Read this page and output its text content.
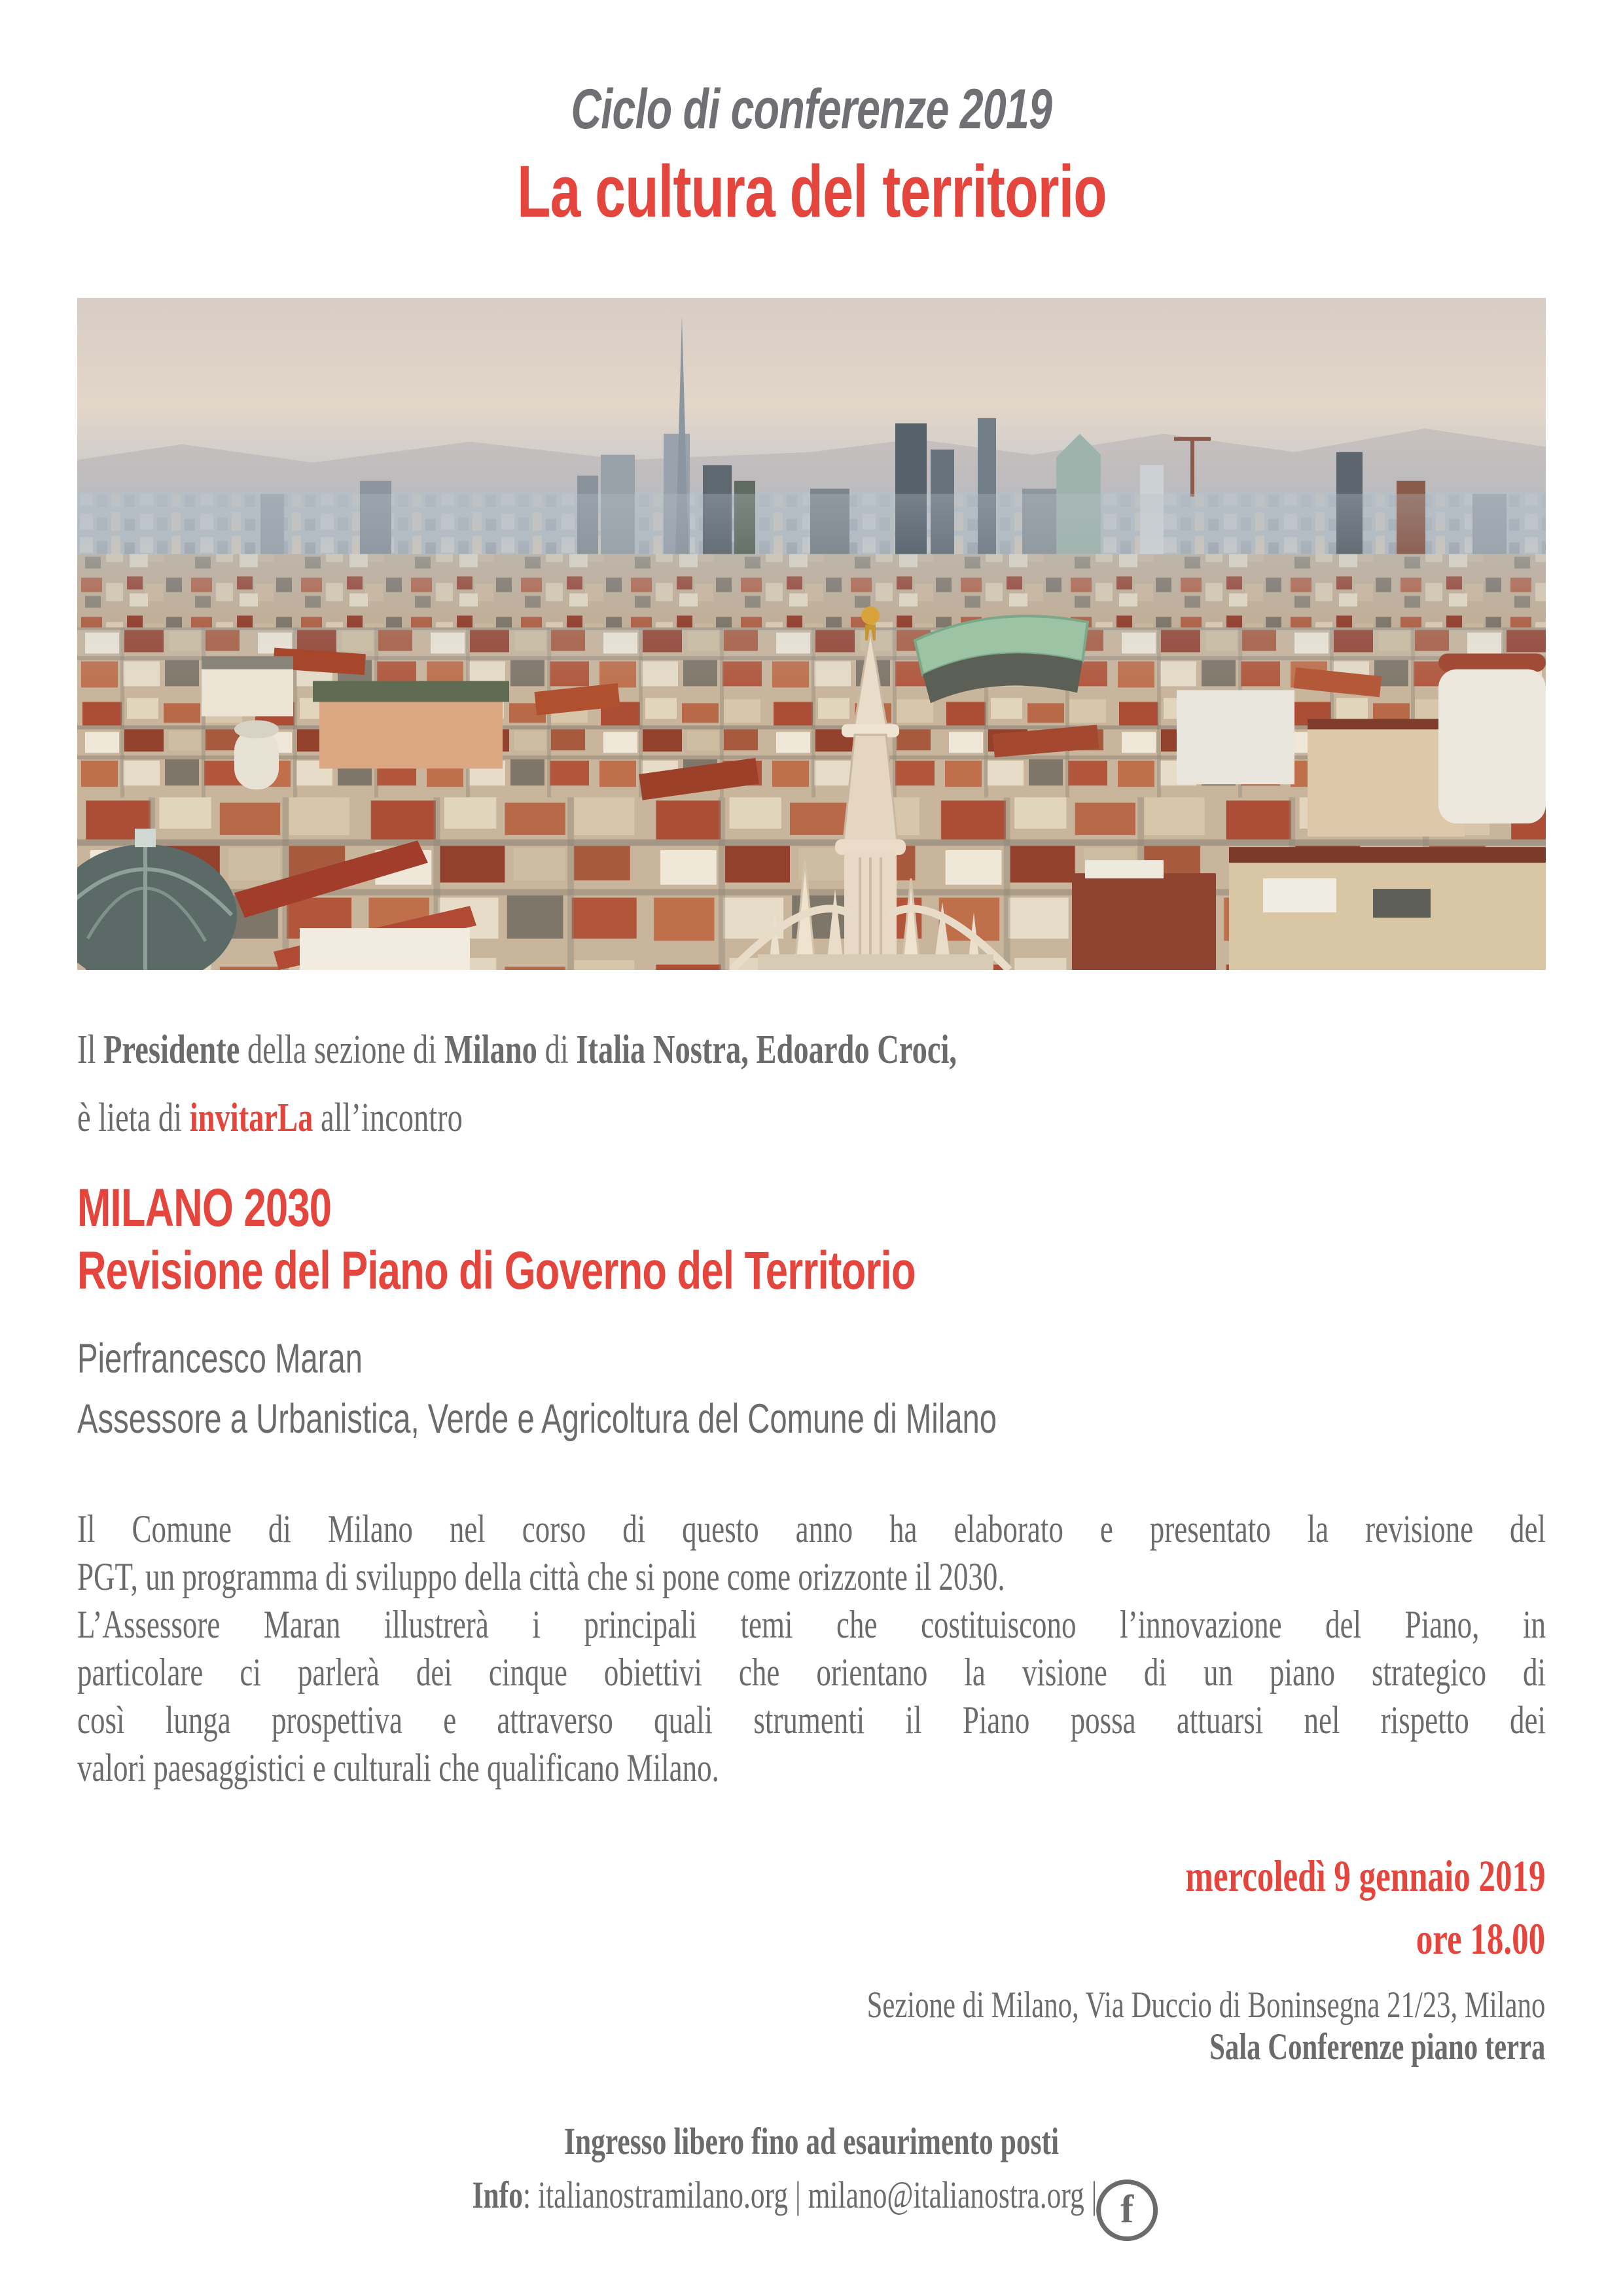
Ciclo di conferenze 2019
La cultura del territorio

Il Presidente della sezione di Milano di Italia Nostra, Edoardo Croci,
è lieta di invitarLa all’incontro

MILANO 2030
Revisione del Piano di Governo del Territorio
Pierfrancesco Maran
Assessore a Urbanistica, Verde e Agricoltura del Comune di Milano
Il Comune di Milano nel corso di questo anno ha elaborato e presentato la revisione del
PGT, un programma di sviluppo della città che si pone come orizzonte il 2030.
L’Assessore Maran illustrerà i principali temi che costituiscono l’innovazione del Piano, in
particolare ci parlerà dei cinque obiettivi che orientano la visione di un piano strategico di
così lunga prospettiva e attraverso quali strumenti il Piano possa attuarsi nel rispetto dei
valori paesaggistici e culturali che qualificano Milano.
mercoledì 9 gennaio 2019
ore 18.00
Sezione di Milano, Via Duccio di Boninsegna 21/23, Milano
Sala Conferenze piano terra
Ingresso libero fino ad esaurimento posti
Info: italianostramilano.org | milano@italianostra.org | f
